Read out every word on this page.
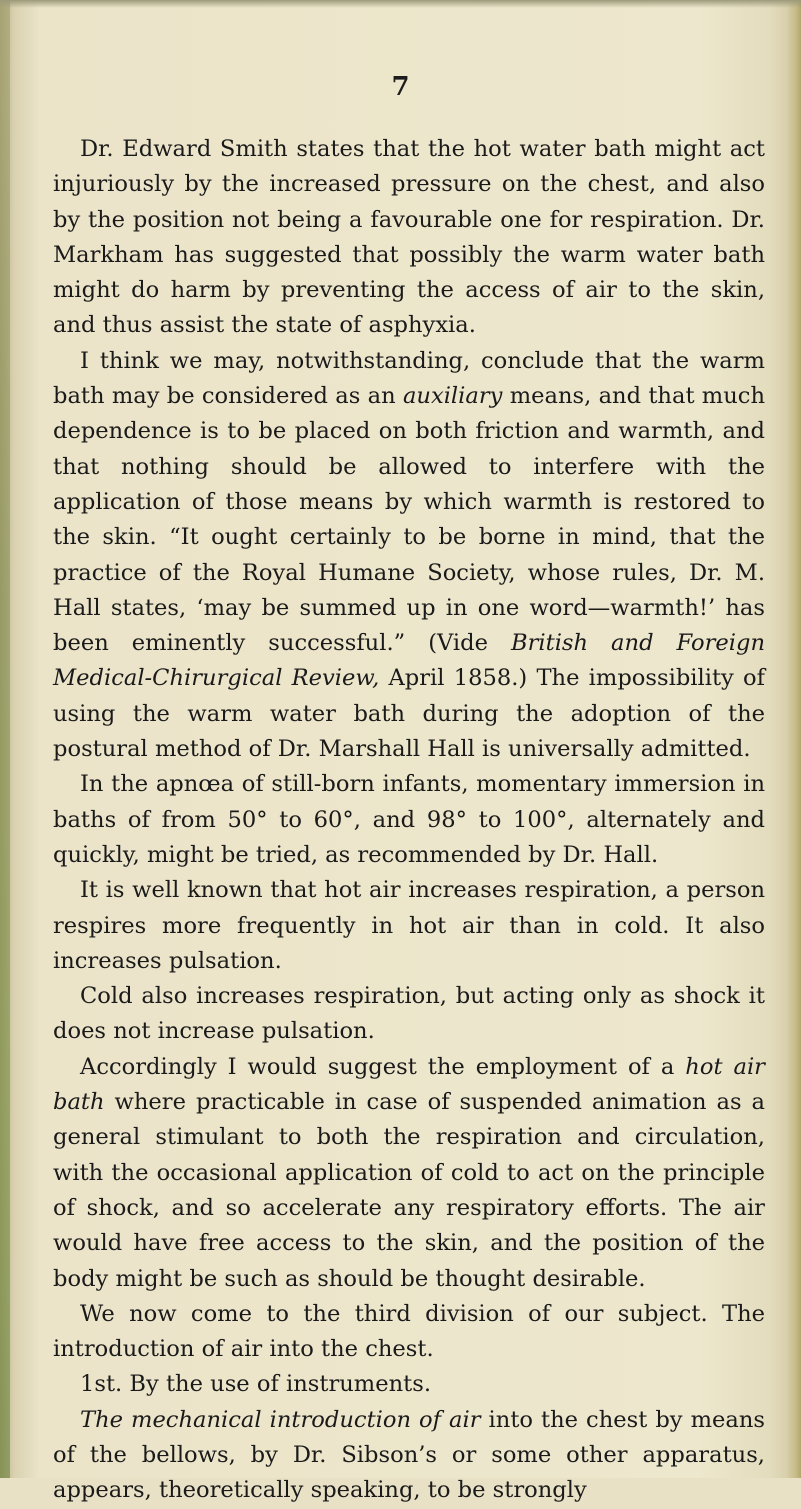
7

Dr. Edward Smith states that the hot water bath might act injuriously by the increased pressure on the chest, and also by the position not being a favourable one for respiration. Dr. Markham has suggested that possibly the warm water bath might do harm by preventing the access of air to the skin, and thus assist the state of asphyxia.

I think we may, notwithstanding, conclude that the warm bath may be considered as an auxiliary means, and that much dependence is to be placed on both friction and warmth, and that nothing should be allowed to interfere with the application of those means by which warmth is restored to the skin. “It ought certainly to be borne in mind, that the practice of the Royal Humane Society, whose rules, Dr. M. Hall states, ‘may be summed up in one word—warmth!’ has been eminently successful.” (Vide British and Foreign Medical-Chirurgical Review, April 1858.) The impossibility of using the warm water bath during the adoption of the postural method of Dr. Marshall Hall is universally admitted.

In the apnœa of still-born infants, momentary immersion in baths of from 50° to 60°, and 98° to 100°, alternately and quickly, might be tried, as recommended by Dr. Hall.

It is well known that hot air increases respiration, a person respires more frequently in hot air than in cold. It also increases pulsation.

Cold also increases respiration, but acting only as shock it does not increase pulsation.

Accordingly I would suggest the employment of a hot air bath where practicable in case of suspended animation as a general stimulant to both the respiration and circulation, with the occasional application of cold to act on the principle of shock, and so accelerate any respiratory efforts. The air would have free access to the skin, and the position of the body might be such as should be thought desirable.

We now come to the third division of our subject. The introduction of air into the chest.

1st. By the use of instruments.

The mechanical introduction of air into the chest by means of the bellows, by Dr. Sibson’s or some other apparatus, appears, theoretically speaking, to be strongly
